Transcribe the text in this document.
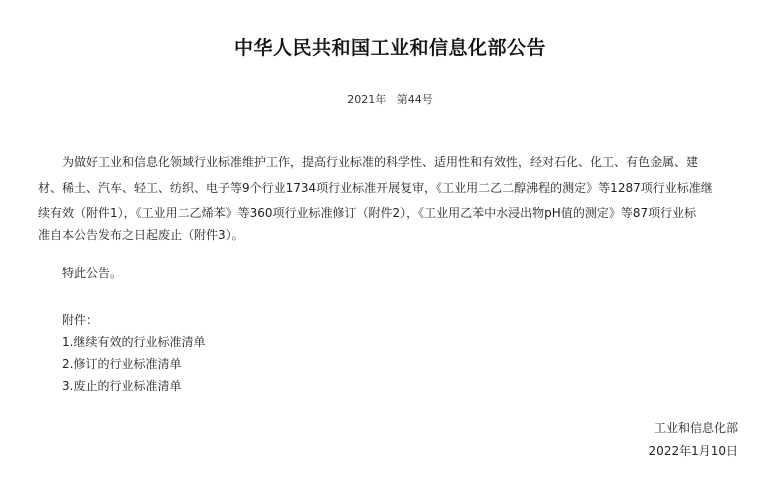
中华人民共和国工业和信息化部公告
2021年 第44号
为做好工业和信息化领域行业标准维护工作，提高行业标准的科学性、适用性和有效性，经对石化、化工、有色金属、建
材、稀土、汽车、轻工、纺织、电子等9个行业1734项行业标准开展复审，《工业用二乙二醇沸程的测定》等1287项行业标准继
续有效（附件1），《工业用二乙烯苯》等360项行业标准修订（附件2），《工业用乙苯中水浸出物pH值的测定》等87项行业标
准自本公告发布之日起废止（附件3）。
特此公告。
附件：
1.继续有效的行业标准清单
2.修订的行业标准清单
3.废止的行业标准清单
工业和信息化部
2022年1月10日
